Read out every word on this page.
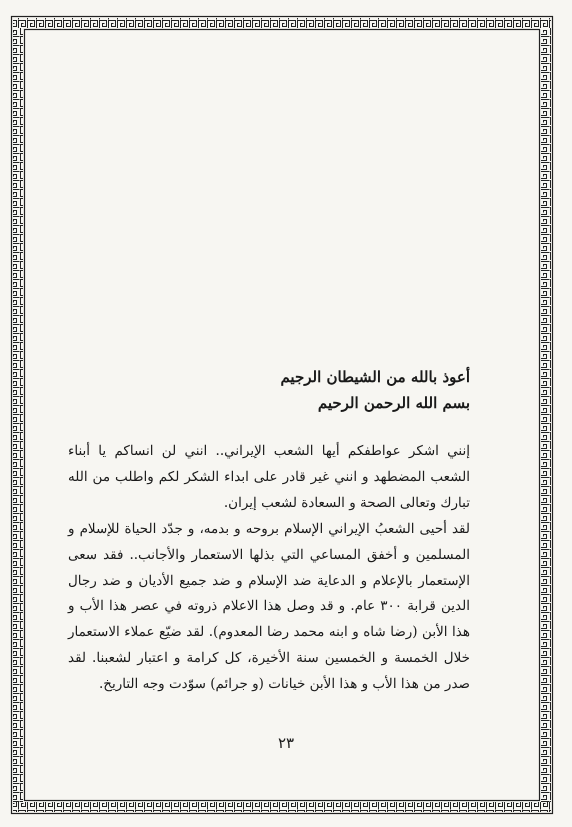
أعوذ بالله من الشيطان الرجيم
بسم الله الرحمن الرحيم
إنني اشكر عواطفكم أيها الشعب الإيراني.. انني لن انساكم يا أبناء الشعب المضطهد و انني غير قادر على ابداء الشكر لكم واطلب من الله تبارك وتعالى الصحة و السعادة لشعب إيران.
لقد أحيى الشعبُ الإيراني الإسلام بروحه و بدمه، و جدّد الحياة للإسلام و المسلمين و أخفق المساعي التي بذلها الاستعمار والأجانب.. فقد سعى الإستعمار بالإعلام و الدعاية ضد الإسلام و ضد جميع الأديان و ضد رجال الدين قرابة ٣٠٠ عام. و قد وصل هذا الاعلام ذروته في عصر هذا الأب و هذا الأبن (رضا شاه و ابنه محمد رضا المعدوم). لقد ضيّع عملاء الاستعمار خلال الخمسة و الخمسين سنة الأخيرة، كل كرامة و اعتبار لشعبنا. لقد صدر من هذا الأب و هذا الأبن خيانات (و جرائم) سوّدت وجه التاريخ.
٢٣
